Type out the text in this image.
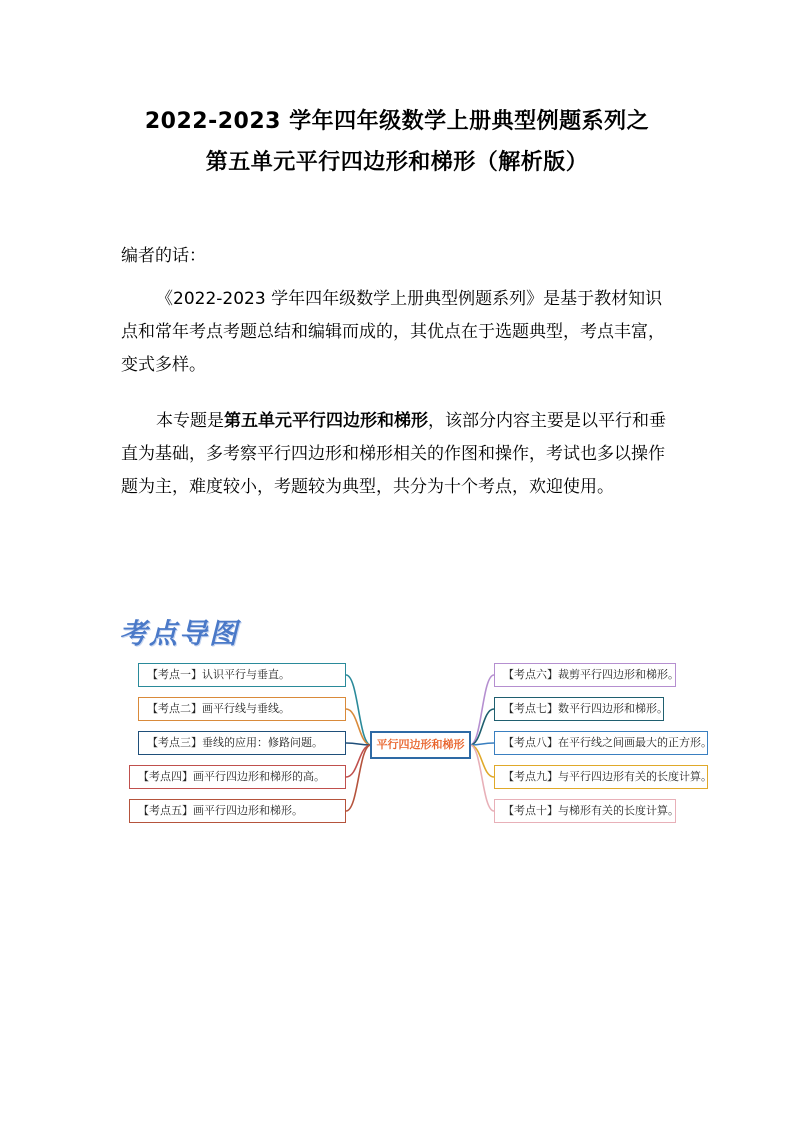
2022-2023 学年四年级数学上册典型例题系列之
第五单元平行四边形和梯形（解析版）
编者的话：
《2022-2023 学年四年级数学上册典型例题系列》是基于教材知识点和常年考点考题总结和编辑而成的，其优点在于选题典型，考点丰富，变式多样。
本专题是第五单元平行四边形和梯形，该部分内容主要是以平行和垂直为基础，多考察平行四边形和梯形相关的作图和操作，考试也多以操作题为主，难度较小，考题较为典型，共分为十个考点，欢迎使用。
考点导图
平行四边形和梯形
【考点一】认识平行与垂直。
【考点二】画平行线与垂线。
【考点三】垂线的应用：修路问题。
【考点四】画平行四边形和梯形的高。
【考点五】画平行四边形和梯形。
【考点六】裁剪平行四边形和梯形。
【考点七】数平行四边形和梯形。
【考点八】在平行线之间画最大的正方形。
【考点九】与平行四边形有关的长度计算。
【考点十】与梯形有关的长度计算。
